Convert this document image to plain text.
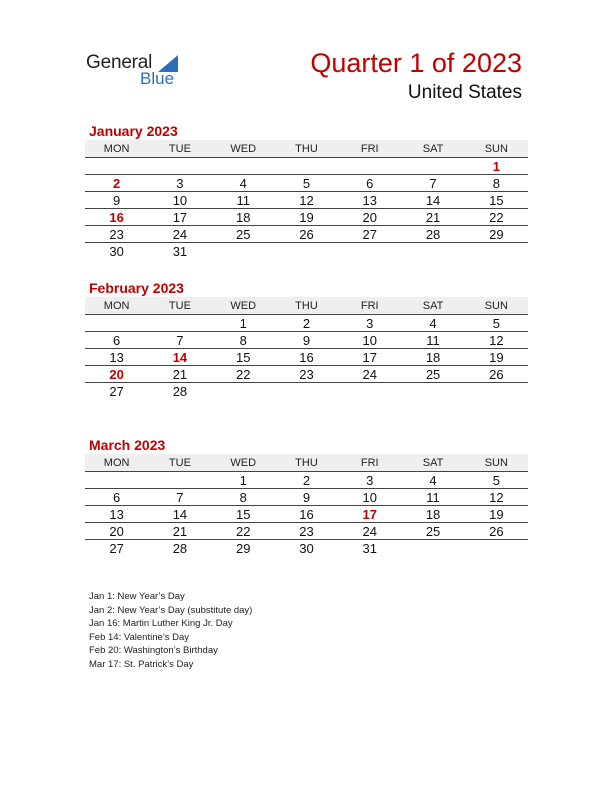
General
Blue
Quarter 1 of 2023
United States
January 2023
MON	TUE	WED	THU	FRI	SAT	SUN
						1
2	3	4	5	6	7	8
9	10	11	12	13	14	15
16	17	18	19	20	21	22
23	24	25	26	27	28	29
30	31					
February 2023
MON	TUE	WED	THU	FRI	SAT	SUN
		1	2	3	4	5
6	7	8	9	10	11	12
13	14	15	16	17	18	19
20	21	22	23	24	25	26
27	28					
March 2023
MON	TUE	WED	THU	FRI	SAT	SUN
		1	2	3	4	5
6	7	8	9	10	11	12
13	14	15	16	17	18	19
20	21	22	23	24	25	26
27	28	29	30	31		
Jan 1: New Year’s Day
Jan 2: New Year’s Day (substitute day)
Jan 16: Martin Luther King Jr. Day
Feb 14: Valentine’s Day
Feb 20: Washington’s Birthday
Mar 17: St. Patrick’s Day
